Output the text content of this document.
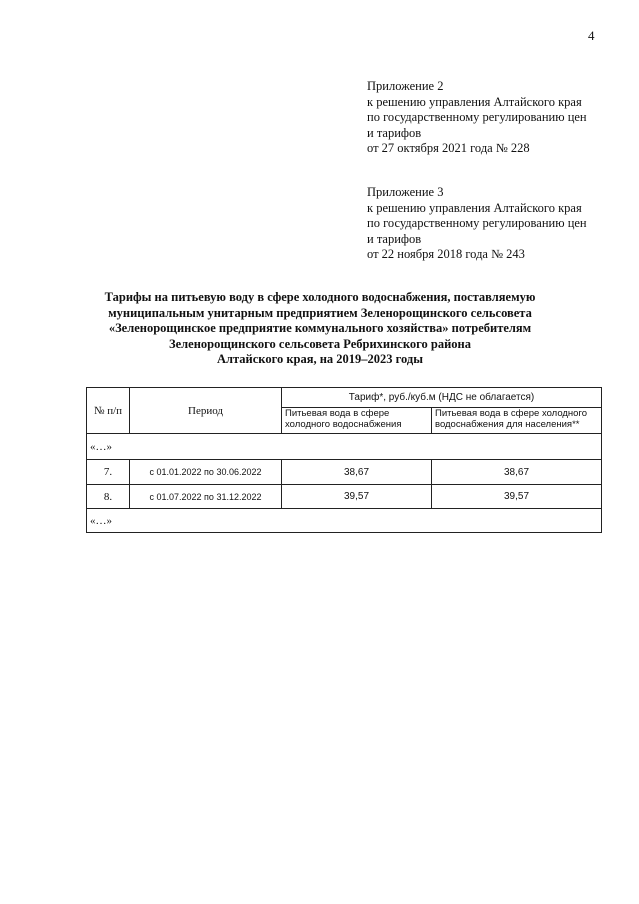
4
Приложение 2
к решению управления Алтайского края
по государственному регулированию цен
и тарифов
от 27 октября 2021 года № 228
Приложение 3
к решению управления Алтайского края
по государственному регулированию цен
и тарифов
от 22 ноября 2018 года № 243
Тарифы на питьевую воду в сфере холодного водоснабжения, поставляемую
муниципальным унитарным предприятием Зеленорощинского сельсовета
«Зеленорощинское предприятие коммунального хозяйства» потребителям
Зеленорощинского сельсовета Ребрихинского района
Алтайского края, на 2019–2023 годы
№ п/п	Период	Тариф*, руб./куб.м (НДС не облагается)	
		Питьевая вода в сфере холодного водоснабжения	Питьевая вода в сфере холодного водоснабжения для населения**
«…»			
7.	с 01.01.2022 по 30.06.2022	38,67	38,67
8.	с 01.07.2022 по 31.12.2022	39,57	39,57
«…»			
